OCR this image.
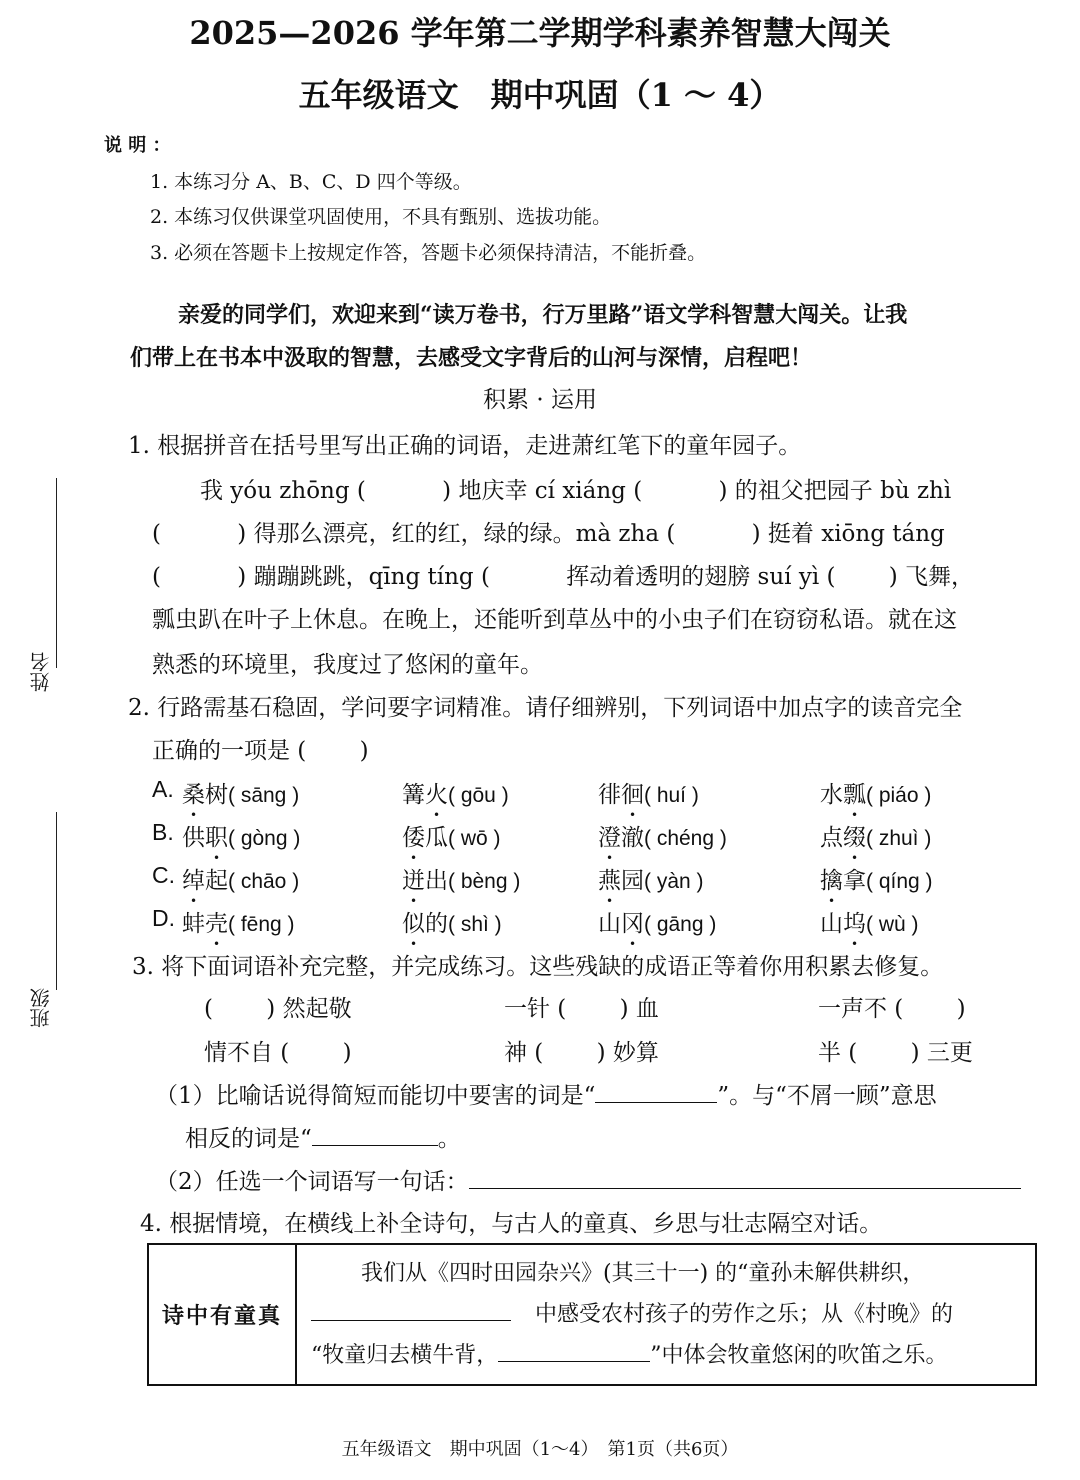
2025—2026 学年第二学期学科素养智慧大闯关
五年级语文　期中巩固（1 ～ 4）
说 明 ：
1. 本练习分 A、B、C、D 四个等级。
2. 本练习仅供课堂巩固使用，不具有甄别、选拔功能。
3. 必须在答题卡上按规定作答，答题卡必须保持清洁，不能折叠。
亲爱的同学们，欢迎来到“读万卷书，行万里路”语文学科智慧大闯关。让我
们带上在书本中汲取的智慧，去感受文字背后的山河与深情，启程吧！
积累 · 运用
1. 根据拼音在括号里写出正确的词语，走进萧红笔下的童年园子。
我 yóu zhōng (　　　 ) 地庆幸 cí xiáng (　　　 ) 的祖父把园子 bù zhì
(　　　 ) 得那么漂亮，红的红，绿的绿。mà zha (　　　 ) 挺着 xiōng táng
(　　　 ) 蹦蹦跳跳，qīng tíng (　　　 挥动着透明的翅膀 suí yì (　　 ) 飞舞，
瓢虫趴在叶子上休息。在晚上，还能听到草丛中的小虫子们在窃窃私语。就在这
熟悉的环境里，我度过了悠闲的童年。
2. 行路需基石稳固，学问要字词精准。请仔细辨别，下列词语中加点字的读音完全
正确的一项是 (　　 )
A. 桑树( sāng )	篝火( gōu )	徘徊( huí )	水瓢( piáo )
B. 供职( gòng )	倭瓜( wō )	澄澈( chéng )	点缀( zhuì )
C. 绰起( chāo )	迸出( bèng )	燕园( yàn )	擒拿( qíng )
D. 蚌壳( fēng )	似的( shì )	山冈( gāng )	山坞( wù )
3. 将下面词语补充完整，并完成练习。这些残缺的成语正等着你用积累去修复。
(　　 ) 然起敬	一针 (　　 ) 血	一声不 (　　 )
情不自 (　　 )	神 (　　 ) 妙算	半 (　　 ) 三更
（1）比喻话说得简短而能切中要害的词是“	”。与“不屑一顾”意思
相反的词是“	。
（2）任选一个词语写一句话：
4. 根据情境，在横线上补全诗句，与古人的童真、乡思与壮志隔空对话。
诗中有童真	
我们从《四时田园杂兴》(其三十一) 的“童孙未解供耕织，
中感受农村孩子的劳作之乐；从《村晚》的
“牧童归去横牛背，	”中体会牧童悠闲的吹笛之乐。
姓名
班级
五年级语文　期中巩固（1～4）　第1页（共6页）
